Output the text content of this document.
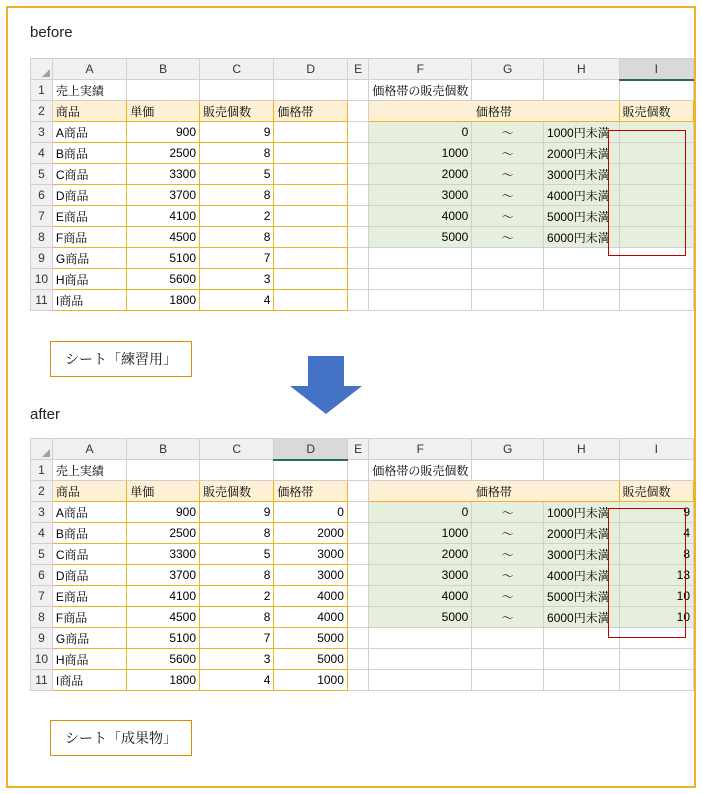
before
	A	B	C	D	E	F	G	H	I
1	売上実績					価格帯の販売個数			
2	商品	単価	販売個数	価格帯		価格帯			販売個数
3	A商品	900	9			0	～	1000円未満	
4	B商品	2500	8			1000	～	2000円未満	
5	C商品	3300	5			2000	～	3000円未満	
6	D商品	3700	8			3000	～	4000円未満	
7	E商品	4100	2			4000	～	5000円未満	
8	F商品	4500	8			5000	～	6000円未満	
9	G商品	5100	7						
10	H商品	5600	3						
11	I商品	1800	4						
シート「練習用」
after
	A	B	C	D	E	F	G	H	I
1	売上実績					価格帯の販売個数			
2	商品	単価	販売個数	価格帯		価格帯			販売個数
3	A商品	900	9	0		0	～	1000円未満	9
4	B商品	2500	8	2000		1000	～	2000円未満	4
5	C商品	3300	5	3000		2000	～	3000円未満	8
6	D商品	3700	8	3000		3000	～	4000円未満	13
7	E商品	4100	2	4000		4000	～	5000円未満	10
8	F商品	4500	8	4000		5000	～	6000円未満	10
9	G商品	5100	7	5000					
10	H商品	5600	3	5000					
11	I商品	1800	4	1000					
シート「成果物」
